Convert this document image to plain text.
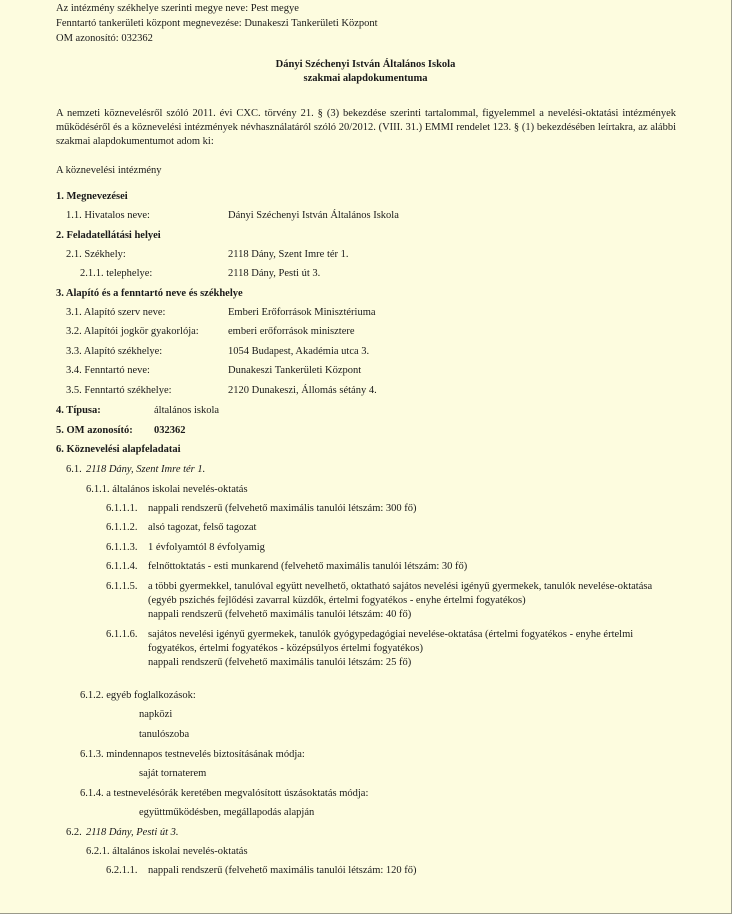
Az intézmény székhelye szerinti megye neve: Pest megye
Fenntartó tankerületi központ megnevezése: Dunakeszi Tankerületi Központ
OM azonosító: 032362
Dányi Széchenyi István Általános Iskola
szakmai alapdokumentuma
A nemzeti köznevelésről szóló 2011. évi CXC. törvény 21. § (3) bekezdése szerinti tartalommal, figyelemmel a nevelési-oktatási intézmények működéséről és a köznevelési intézmények névhasználatáról szóló 20/2012. (VIII. 31.) EMMI rendelet 123. § (1) bekezdésében leírtakra, az alábbi szakmai alapdokumentumot adom ki:
A köznevelési intézmény
1. Megnevezései
1.1. Hivatalos neve:	Dányi Széchenyi István Általános Iskola
2. Feladatellátási helyei
2.1. Székhely:	2118 Dány, Szent Imre tér 1.
2.1.1. telephelye:	2118 Dány, Pesti út 3.
3. Alapító és a fenntartó neve és székhelye
3.1. Alapító szerv neve:	Emberi Erőforrások Minisztériuma
3.2. Alapítói jogkör gyakorlója:	emberi erőforrások minisztere
3.3. Alapító székhelye:	1054 Budapest, Akadémia utca 3.
3.4. Fenntartó neve:	Dunakeszi Tankerületi Központ
3.5. Fenntartó székhelye:	2120 Dunakeszi, Állomás sétány 4.
4. Típusa:	általános iskola
5. OM azonosító: 032362
6. Köznevelési alapfeladatai
6.1. 2118 Dány, Szent Imre tér 1.
6.1.1. általános iskolai nevelés-oktatás
6.1.1.1. nappali rendszerű (felvehető maximális tanulói létszám: 300 fő)
6.1.1.2. alsó tagozat, felső tagozat
6.1.1.3. 1 évfolyamtól 8 évfolyamig
6.1.1.4. felnőttoktatás - esti munkarend (felvehető maximális tanulói létszám: 30 fő)
6.1.1.5. a többi gyermekkel, tanulóval együtt nevelhető, oktatható sajátos nevelési igényű gyermekek, tanulók nevelése-oktatása (egyéb pszichés fejlődési zavarral küzdők, értelmi fogyatékos - enyhe értelmi fogyatékos)
nappali rendszerű (felvehető maximális tanulói létszám: 40 fő)
6.1.1.6. sajátos nevelési igényű gyermekek, tanulók gyógypedagógiai nevelése-oktatása (értelmi fogyatékos - enyhe értelmi fogyatékos, értelmi fogyatékos - középsúlyos értelmi fogyatékos)
nappali rendszerű (felvehető maximális tanulói létszám: 25 fő)
6.1.2. egyéb foglalkozások:
napközi
tanulószoba
6.1.3. mindennapos testnevelés biztosításának módja:
saját tornaterem
6.1.4. a testnevelésórák keretében megvalósított úszásoktatás módja:
együttműködésben, megállapodás alapján
6.2. 2118 Dány, Pesti út 3.
6.2.1. általános iskolai nevelés-oktatás
6.2.1.1. nappali rendszerű (felvehető maximális tanulói létszám: 120 fő)
